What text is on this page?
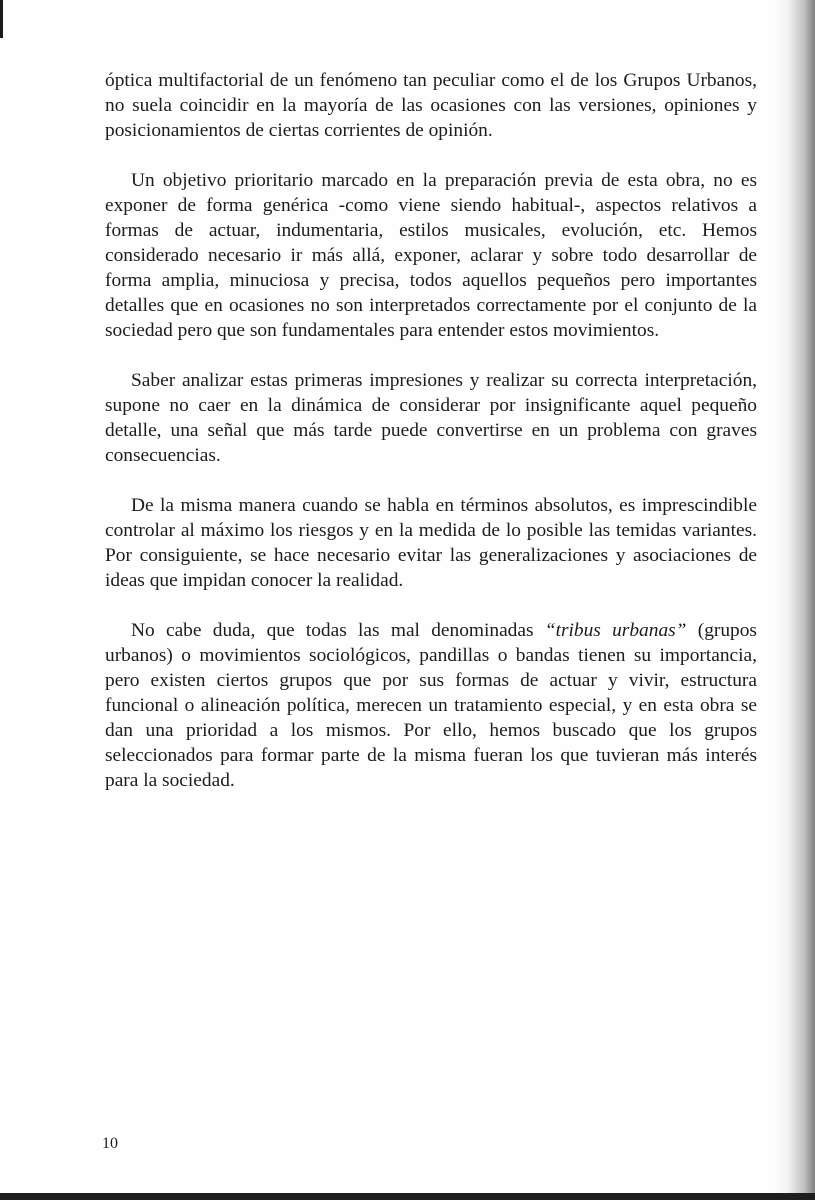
óptica multifactorial de un fenómeno tan peculiar como el de los Grupos Urbanos, no suela coincidir en la mayoría de las ocasiones con las versiones, opiniones y posicionamientos de ciertas corrientes de opinión.

Un objetivo prioritario marcado en la preparación previa de esta obra, no es exponer de forma genérica -como viene siendo habitual-, aspectos relativos a formas de actuar, indumentaria, estilos musicales, evolución, etc. Hemos considerado necesario ir más allá, exponer, aclarar y sobre todo desarrollar de forma amplia, minuciosa y precisa, todos aquellos pequeños pero importantes detalles que en ocasiones no son interpretados correctamente por el conjunto de la sociedad pero que son fundamentales para entender estos movimientos.

Saber analizar estas primeras impresiones y realizar su correcta interpretación, supone no caer en la dinámica de considerar por insignificante aquel pequeño detalle, una señal que más tarde puede convertirse en un problema con graves consecuencias.

De la misma manera cuando se habla en términos absolutos, es imprescindible controlar al máximo los riesgos y en la medida de lo posible las temidas variantes. Por consiguiente, se hace necesario evitar las generalizaciones y asociaciones de ideas que impidan conocer la realidad.

No cabe duda, que todas las mal denominadas “tribus urbanas” (grupos urbanos) o movimientos sociológicos, pandillas o bandas tienen su importancia, pero existen ciertos grupos que por sus formas de actuar y vivir, estructura funcional o alineación política, merecen un tratamiento especial, y en esta obra se dan una prioridad a los mismos. Por ello, hemos buscado que los grupos seleccionados para formar parte de la misma fueran los que tuvieran más interés para la sociedad.

10
